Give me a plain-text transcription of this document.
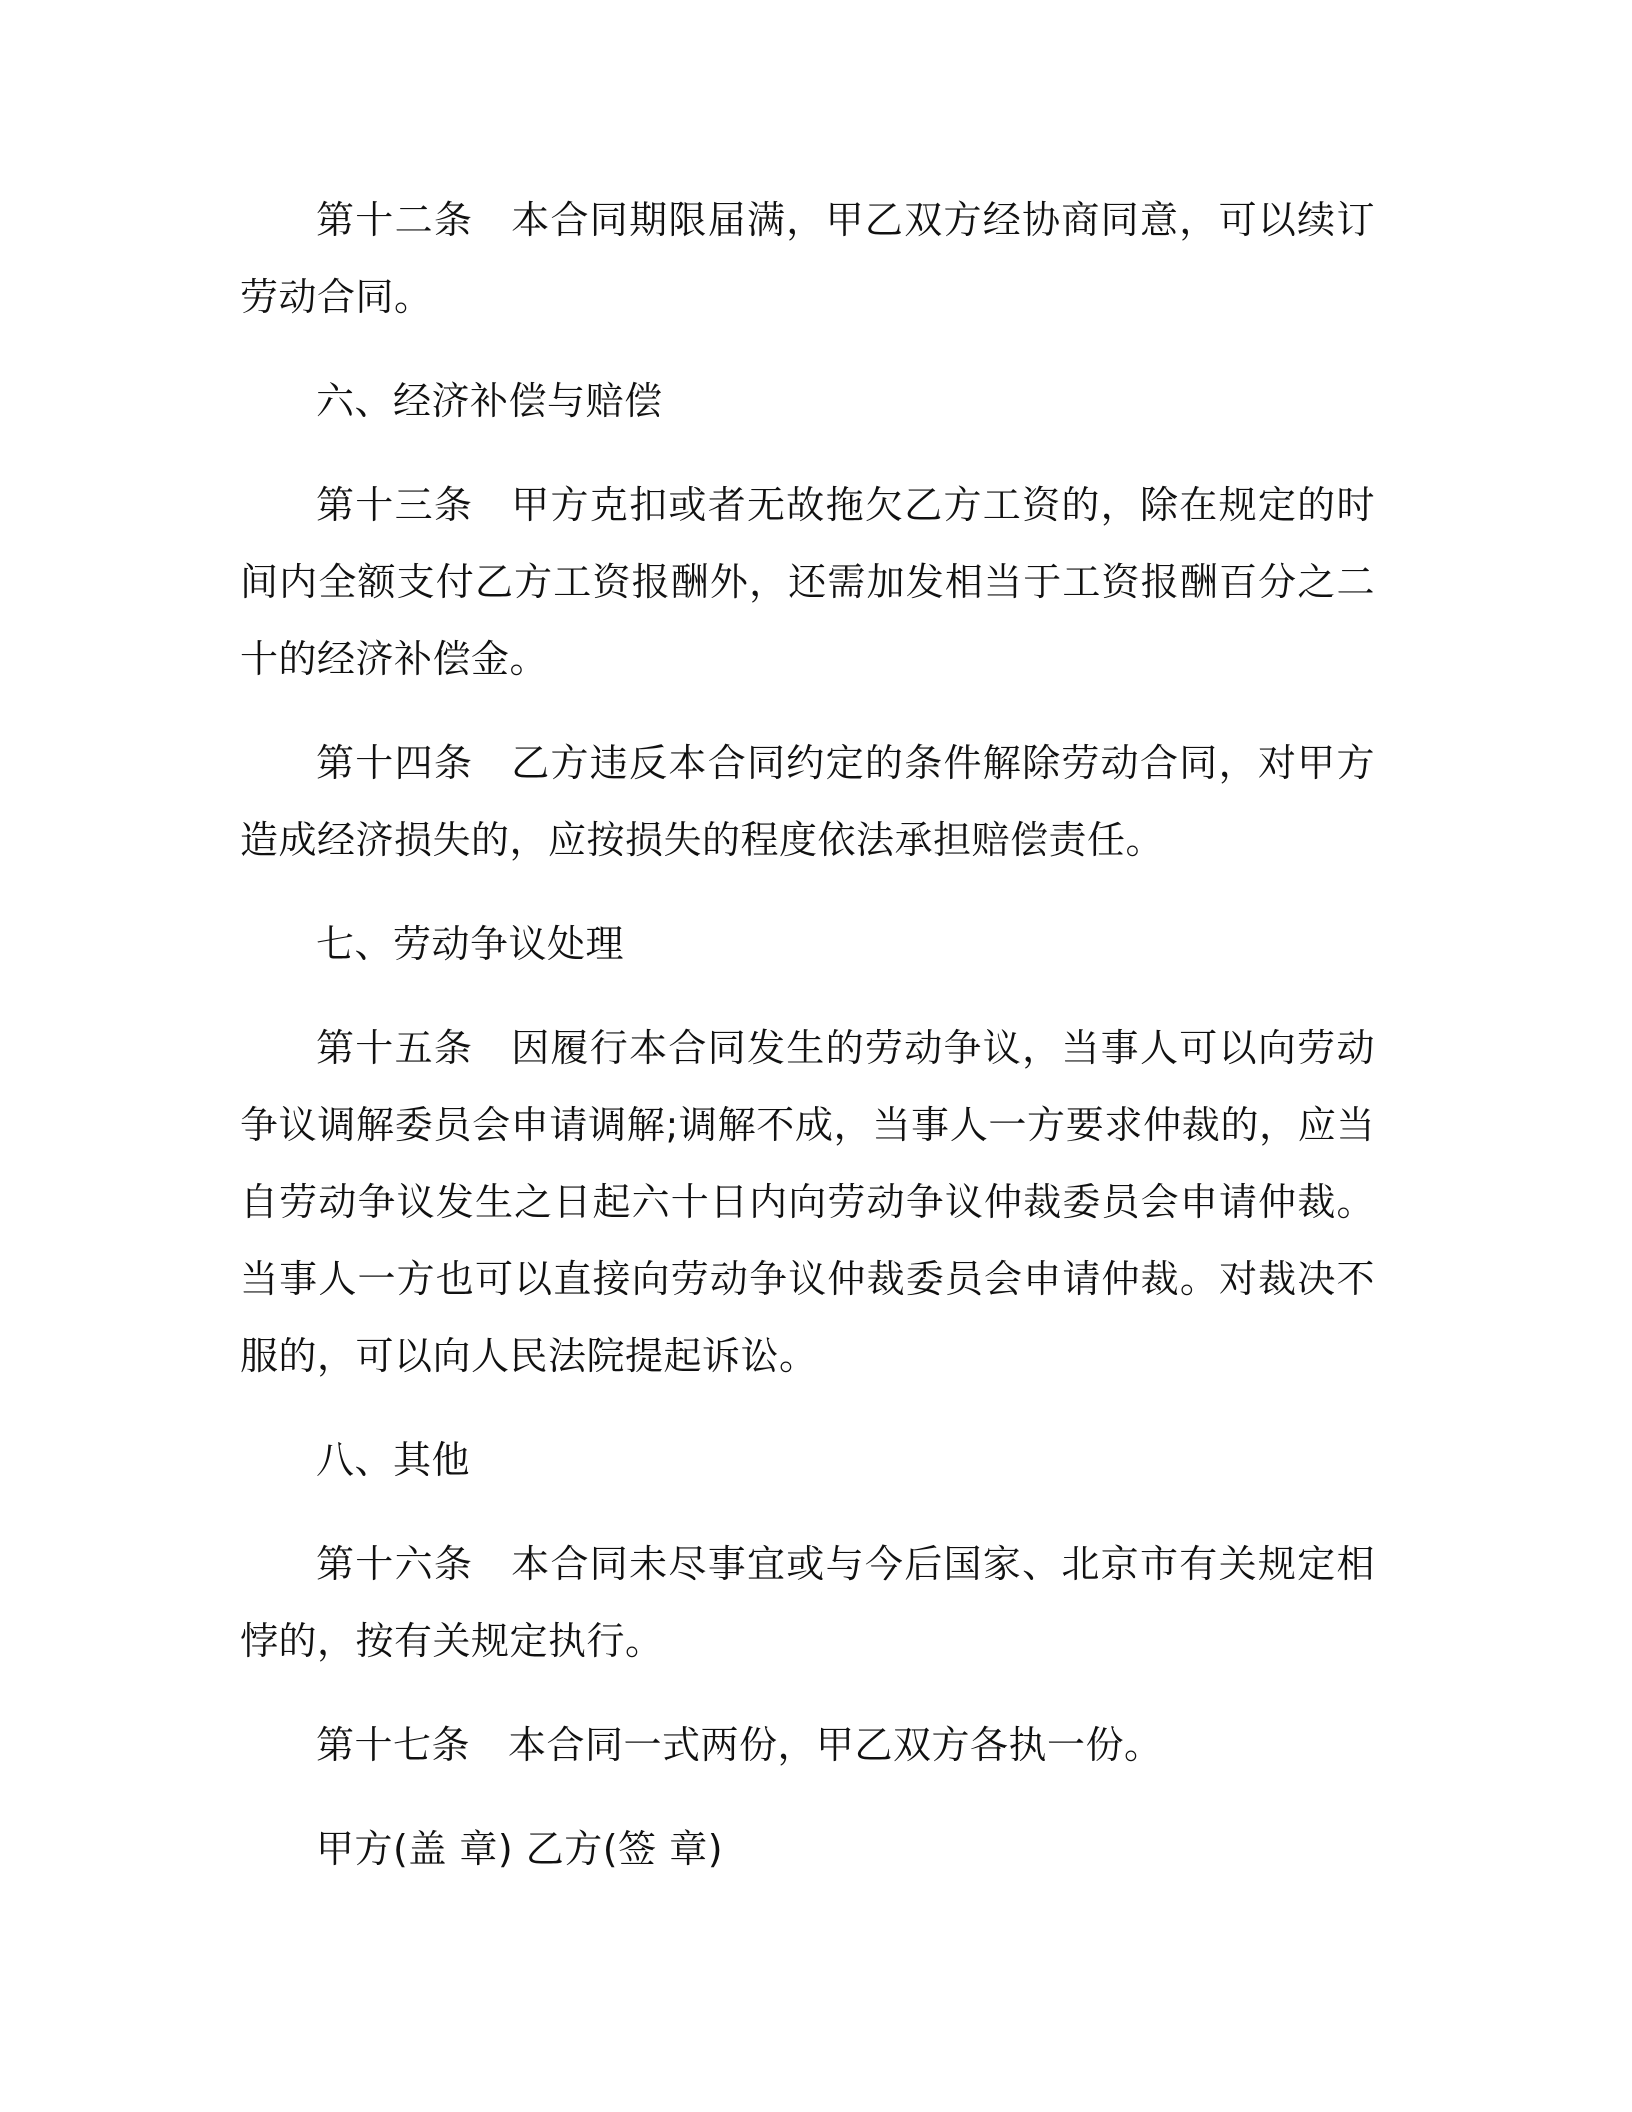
第十二条 本合同期限届满，甲乙双方经协商同意，可以续订劳动合同。

六、经济补偿与赔偿

第十三条 甲方克扣或者无故拖欠乙方工资的，除在规定的时间内全额支付乙方工资报酬外，还需加发相当于工资报酬百分之二十的经济补偿金。

第十四条 乙方违反本合同约定的条件解除劳动合同，对甲方造成经济损失的，应按损失的程度依法承担赔偿责任。

七、劳动争议处理

第十五条 因履行本合同发生的劳动争议，当事人可以向劳动争议调解委员会申请调解;调解不成，当事人一方要求仲裁的，应当自劳动争议发生之日起六十日内向劳动争议仲裁委员会申请仲裁。当事人一方也可以直接向劳动争议仲裁委员会申请仲裁。对裁决不服的，可以向人民法院提起诉讼。

八、其他

第十六条 本合同未尽事宜或与今后国家、北京市有关规定相悖的，按有关规定执行。

第十七条 本合同一式两份，甲乙双方各执一份。

甲方(盖 章) 乙方(签 章)
